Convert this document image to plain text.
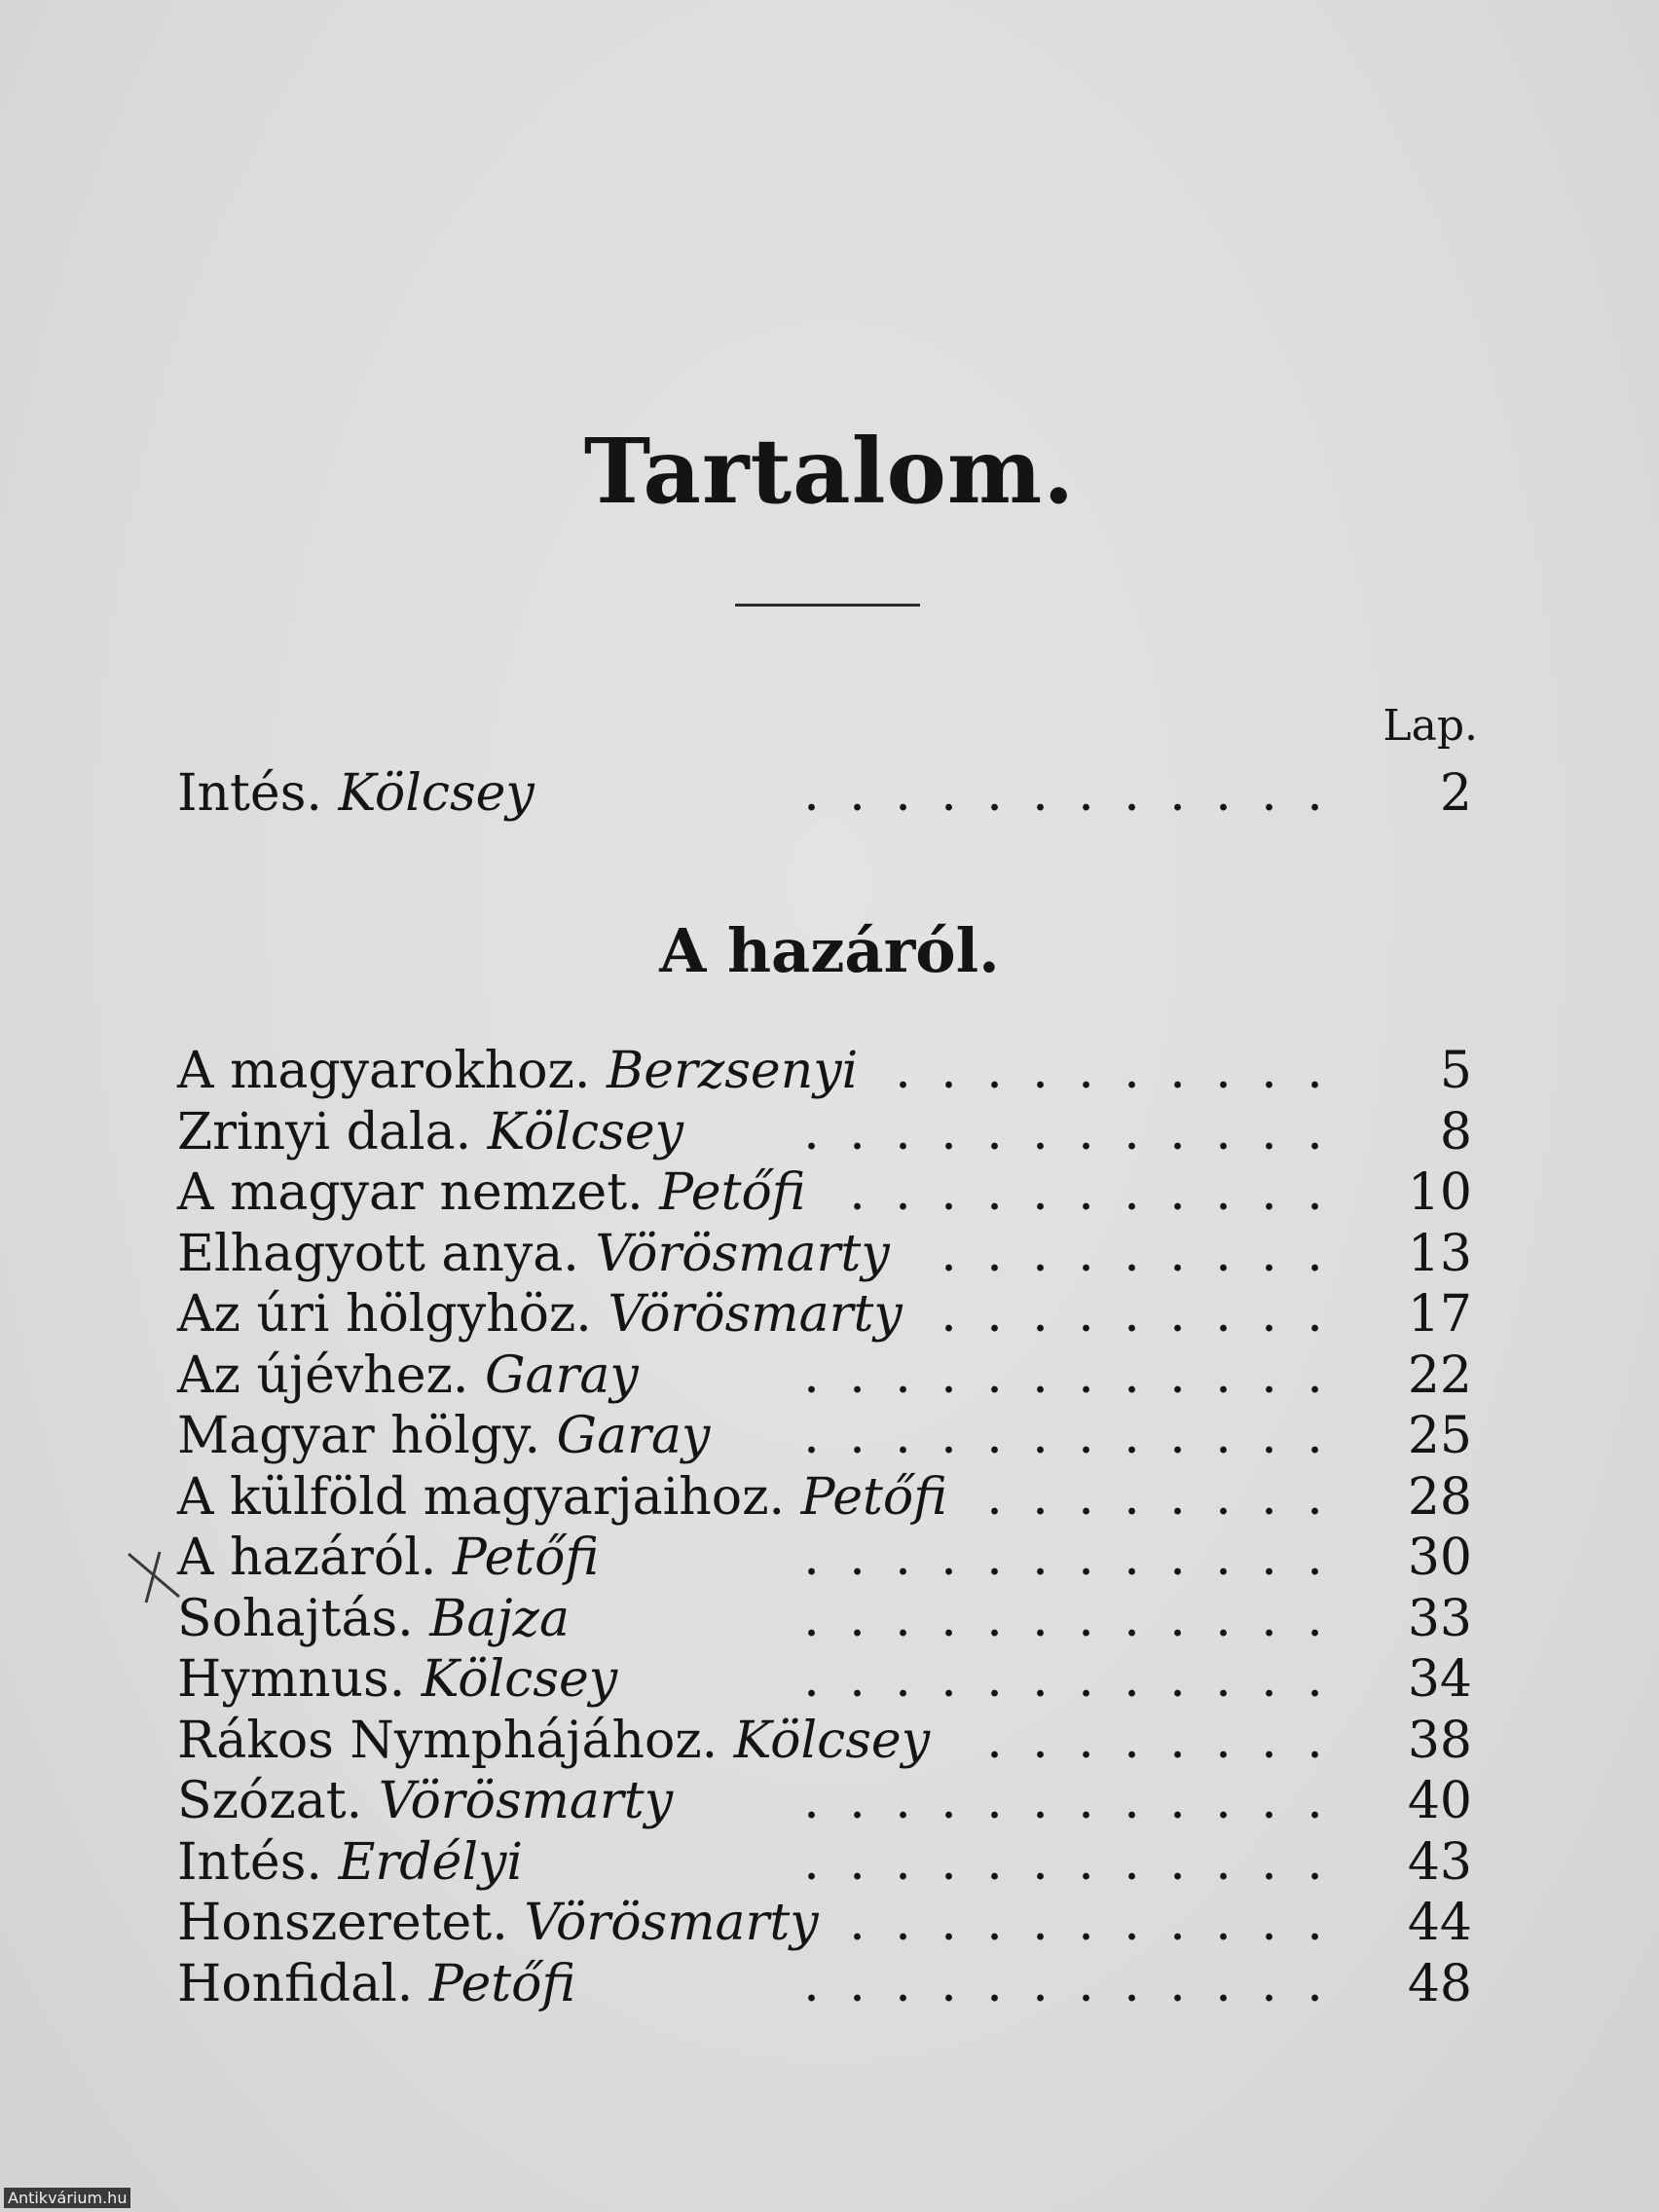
Tartalom.
Lap.
Intés. Kölcsey	. . . . . . . . . . . .	2
A hazáról.
. . . . . . . . . .
A magyarokhoz. Berzsenyi	5
. . . . . . . . . . . .
Zrinyi dala. Kölcsey	8
. . . . . . . . . . .
A magyar nemzet. Petőfi	10
. . . . . . . . .
Elhagyott anya. Vörösmarty	13
. . . . . . . . .
Az úri hölgyhöz. Vörösmarty	17
. . . . . . . . . . . .
Az újévhez. Garay	22
. . . . . . . . . . . .
Magyar hölgy. Garay	25
. . . . . . . .
A külföld magyarjaihoz. Petőfi	28
. . . . . . . . . . . .
A hazáról. Petőfi	30
. . . . . . . . . . . .
Sohajtás. Bajza	33
. . . . . . . . . . . .
Hymnus. Kölcsey	34
. . . . . . . .
Rákos Nymphájához. Kölcsey	38
. . . . . . . . . . . .
Szózat. Vörösmarty	40
. . . . . . . . . . . .
Intés. Erdélyi	43
. . . . . . . . . . .
Honszeretet. Vörösmarty	44
. . . . . . . . . . . .
Honfidal. Petőfi	48
Antikvárium.hu
